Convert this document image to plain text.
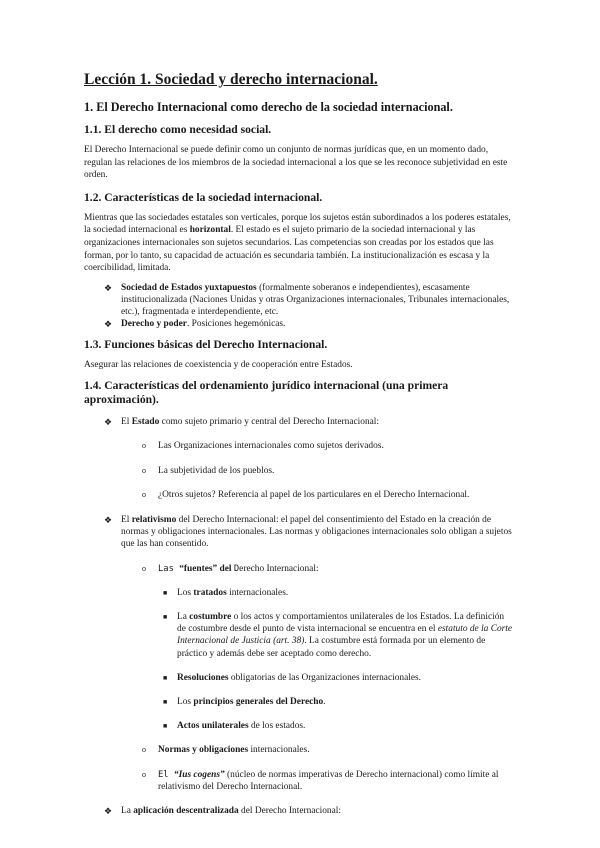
Lección 1. Sociedad y derecho internacional.
1. El Derecho Internacional como derecho de la sociedad internacional.
1.1. El derecho como necesidad social.
El Derecho Internacional se puede definir como un conjunto de normas jurídicas que, en un momento dado, regulan las relaciones de los miembros de la sociedad internacional a los que se les reconoce subjetividad en este orden.
1.2. Características de la sociedad internacional.
Mientras que las sociedades estatales son verticales, porque los sujetos están subordinados a los poderes estatales, la sociedad internacional es horizontal. El estado es el sujeto primario de la sociedad internacional y las organizaciones internacionales son sujetos secundarios. Las competencias son creadas por los estados que las forman, por lo tanto, su capacidad de actuación es secundaria también. La institucionalización es escasa y la coercibilidad, limitada.
❖ Sociedad de Estados yuxtapuestos (formalmente soberanos e independientes), escasamente institucionalizada (Naciones Unidas y otras Organizaciones internacionales, Tribunales internacionales, etc.), fragmentada e interdependiente, etc.
❖ Derecho y poder. Posiciones hegemónicas.
1.3. Funciones básicas del Derecho Internacional.
Asegurar las relaciones de coexistencia y de cooperación entre Estados.
1.4. Características del ordenamiento jurídico internacional (una primera aproximación).
❖ El Estado como sujeto primario y central del Derecho Internacional:
o Las Organizaciones internacionales como sujetos derivados.
o La subjetividad de los pueblos.
o ¿Otros sujetos? Referencia al papel de los particulares en el Derecho Internacional.
❖ El relativismo del Derecho Internacional: el papel del consentimiento del Estado en la creación de normas y obligaciones internacionales. Las normas y obligaciones internacionales solo obligan a sujetos que las han consentido.
o Las “fuentes” del Derecho Internacional:
■ Los tratados internacionales.
■ La costumbre o los actos y comportamientos unilaterales de los Estados. La definición de costumbre desde el punto de vista internacional se encuentra en el estatuto de la Corte Internacional de Justicia (art. 38). La costumbre está formada por un elemento de práctico y además debe ser aceptado como derecho.
■ Resoluciones obligatorias de las Organizaciones internacionales.
■ Los principios generales del Derecho.
■ Actos unilaterales de los estados.
o Normas y obligaciones internacionales.
o El “Ius cogens” (núcleo de normas imperativas de Derecho internacional) como límite al relativismo del Derecho Internacional.
❖ La aplicación descentralizada del Derecho Internacional:
